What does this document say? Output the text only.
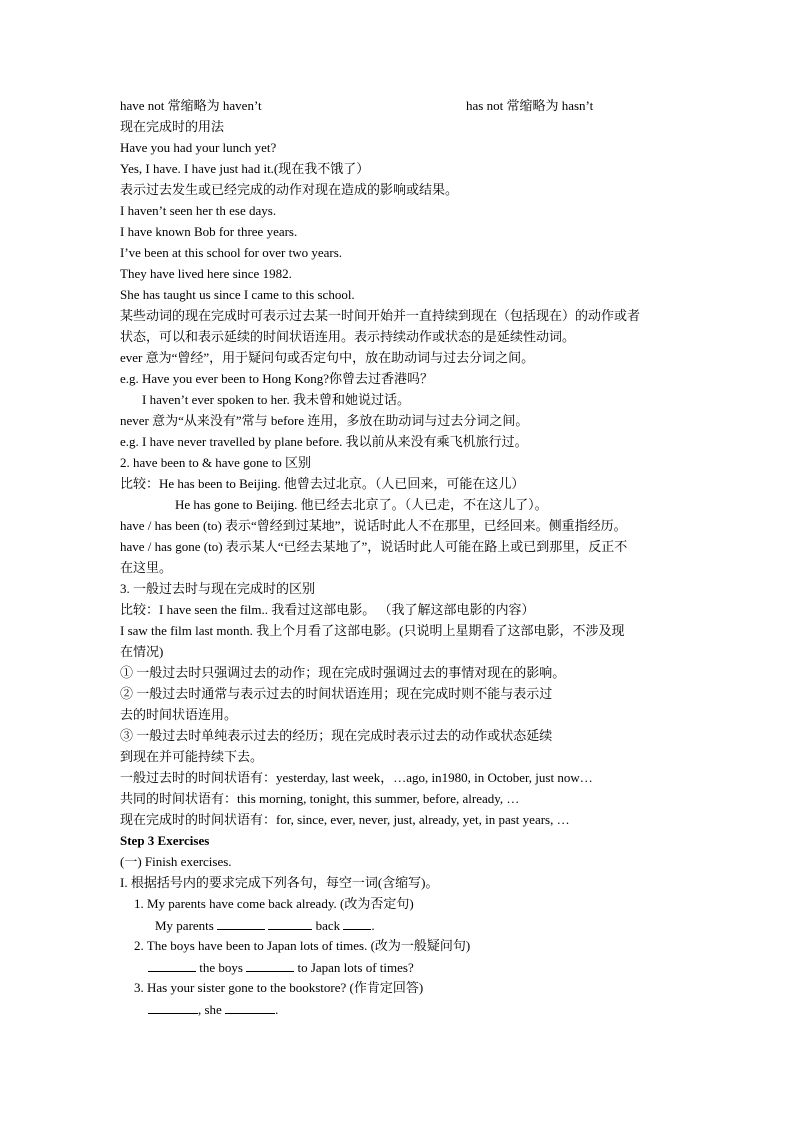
have not 常缩略为 haven’t	has not 常缩略为 hasn’t
现在完成时的用法
Have you had your lunch yet?
Yes, I have. I have just had it.(现在我不饿了）
表示过去发生或已经完成的动作对现在造成的影响或结果。
I haven’t seen her th ese days.
I have known Bob for three years.
I’ve been at this school for over two years.
They have lived here since 1982.
She has taught us since I came to this school.
某些动词的现在完成时可表示过去某一时间开始并一直持续到现在（包括现在）的动作或者
状态，可以和表示延续的时间状语连用。表示持续动作或状态的是延续性动词。
ever 意为“曾经”，用于疑问句或否定句中，放在助动词与过去分词之间。
e.g. Have you ever been to Hong Kong?你曾去过香港吗？
I haven’t ever spoken to her. 我未曾和她说过话。
never 意为“从来没有”常与 before 连用，多放在助动词与过去分词之间。
e.g. I have never travelled by plane before. 我以前从来没有乘飞机旅行过。
2. have been to & have gone to 区别
比较：He has been to Beijing. 他曾去过北京。（人已回来，可能在这儿）
He has gone to Beijing. 他已经去北京了。（人已走，不在这儿了）。
have / has been (to) 表示“曾经到过某地”，说话时此人不在那里，已经回来。侧重指经历。
have / has gone (to) 表示某人“已经去某地了”，说话时此人可能在路上或已到那里，反正不
在这里。
3. 一般过去时与现在完成时的区别
比较：I have seen the film.. 我看过这部电影。 （我了解这部电影的内容）
I saw the film last month. 我上个月看了这部电影。(只说明上星期看了这部电影，不涉及现
在情况)
① 一般过去时只强调过去的动作；现在完成时强调过去的事情对现在的影响。
② 一般过去时通常与表示过去的时间状语连用；现在完成时则不能与表示过
去的时间状语连用。
③ 一般过去时单纯表示过去的经历；现在完成时表示过去的动作或状态延续
到现在并可能持续下去。
一般过去时的时间状语有：yesterday, last week，…ago, in1980, in October, just now…
共同的时间状语有：this morning, tonight, this summer, before, already, …
现在完成时的时间状语有：for, since, ever, never, just, already, yet, in past years, …
Step 3 Exercises
(一) Finish exercises.
I. 根据括号内的要求完成下列各句，每空一词(含缩写)。
1. My parents have come back already. (改为否定句)
My parents	back .
2. The boys have been to Japan lots of times. (改为一般疑问句)
the boys	to Japan lots of times?
3. Has your sister gone to the bookstore? (作肯定回答)
, she	.
